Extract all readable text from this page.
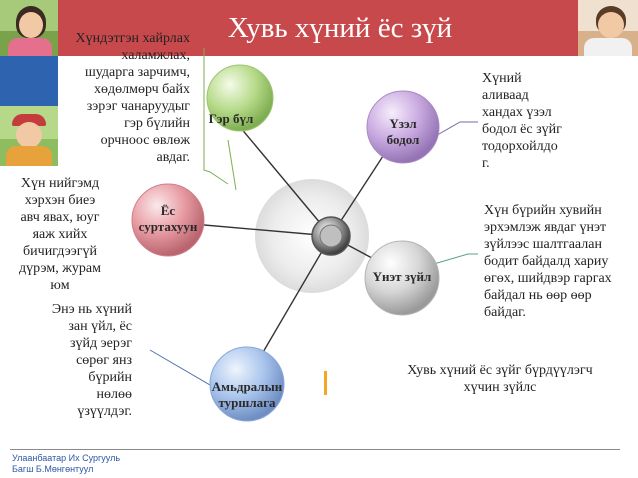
Хувь хүний ёс зүй
Гэр бүл	Үзэл
бодол
Ёс
суртахуун
Үнэт зүйл
Амьдралын
туршлага
Хүндэтгэн хайрлах
халамжлах,
шударга зарчимч,
хөдөлмөрч байх
зэрэг чанаруудыг
гэр бүлийн
орчноос өвлөж
авдаг.
Хүний
аливаад
хандах үзэл
бодол ёс зүйг
тодорхойлдо
г.
Хүн нийгэмд
хэрхэн биеэ
авч явах, юуг
яаж хийх
бичигдээгүй
дүрэм, журам
юм
Хүн бүрийн хувийн
эрхэмлэж явдаг үнэт
зүйлээс шалтгаалан
бодит байдалд хариу
өгөх, шийдвэр гаргах
байдал нь өөр өөр
байдаг.
Энэ нь хүний
зан үйл, ёс
зүйд эерэг
сөрөг янз
бүрийн
нөлөө
үзүүлдэг.
Хувь хүний ёс зүйг бүрдүүлэгч
хүчин зүйлс
Улаанбаатар Их Сургууль
Багш Б.Мөнгөнтуул
